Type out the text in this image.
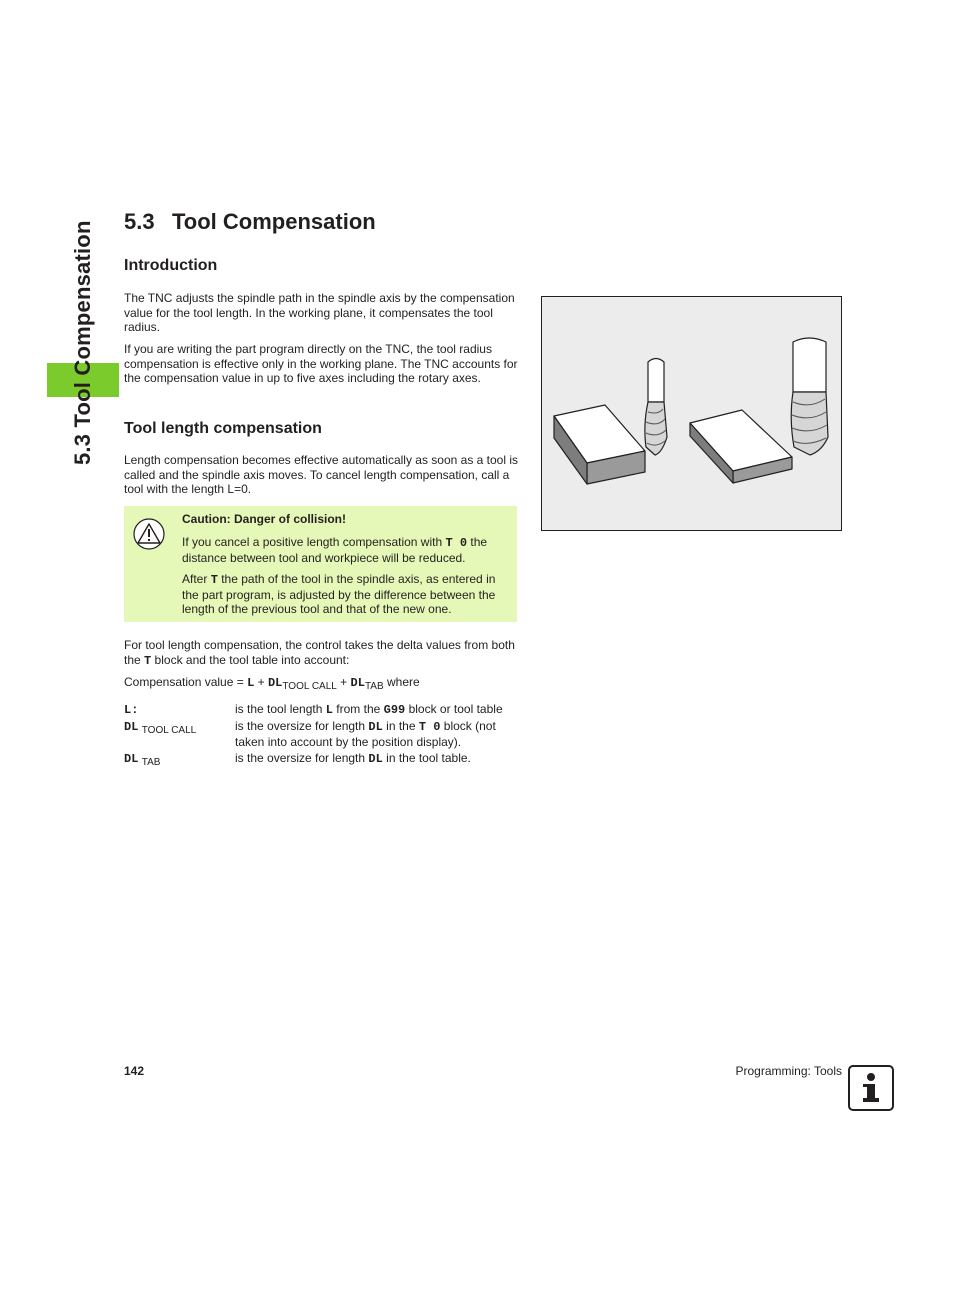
5.3 Tool Compensation 5.3 Tool Compensation
Introduction

The TNC adjusts the spindle path in the spindle axis by the compensation value for the tool length. In the working plane, it compensates the tool radius.

If you are writing the part program directly on the TNC, the tool radius compensation is effective only in the working plane. The TNC accounts for the compensation value in up to five axes including the rotary axes.

Tool length compensation

Length compensation becomes effective automatically as soon as a tool is called and the spindle axis moves. To cancel length compensation, call a tool with the length L=0.

Caution: Danger of collision!

If you cancel a positive length compensation with T 0 the distance between tool and workpiece will be reduced.

After T the path of the tool in the spindle axis, as entered in the part program, is adjusted by the difference between the length of the previous tool and that of the new one.

For tool length compensation, the control takes the delta values from both the T block and the tool table into account:

Compensation value = $L + DL_{TOOL CALL} + DL_{TAB}$ where

L:	is the tool length L from the G99 block or tool table
DL $_{TOOL CALL}$	is the oversize for length DL in the T 0 block (not taken into account by the position display).
DL $_{TAB}$	is the oversize for length DL in the tool table.
142	Programming: Tools
